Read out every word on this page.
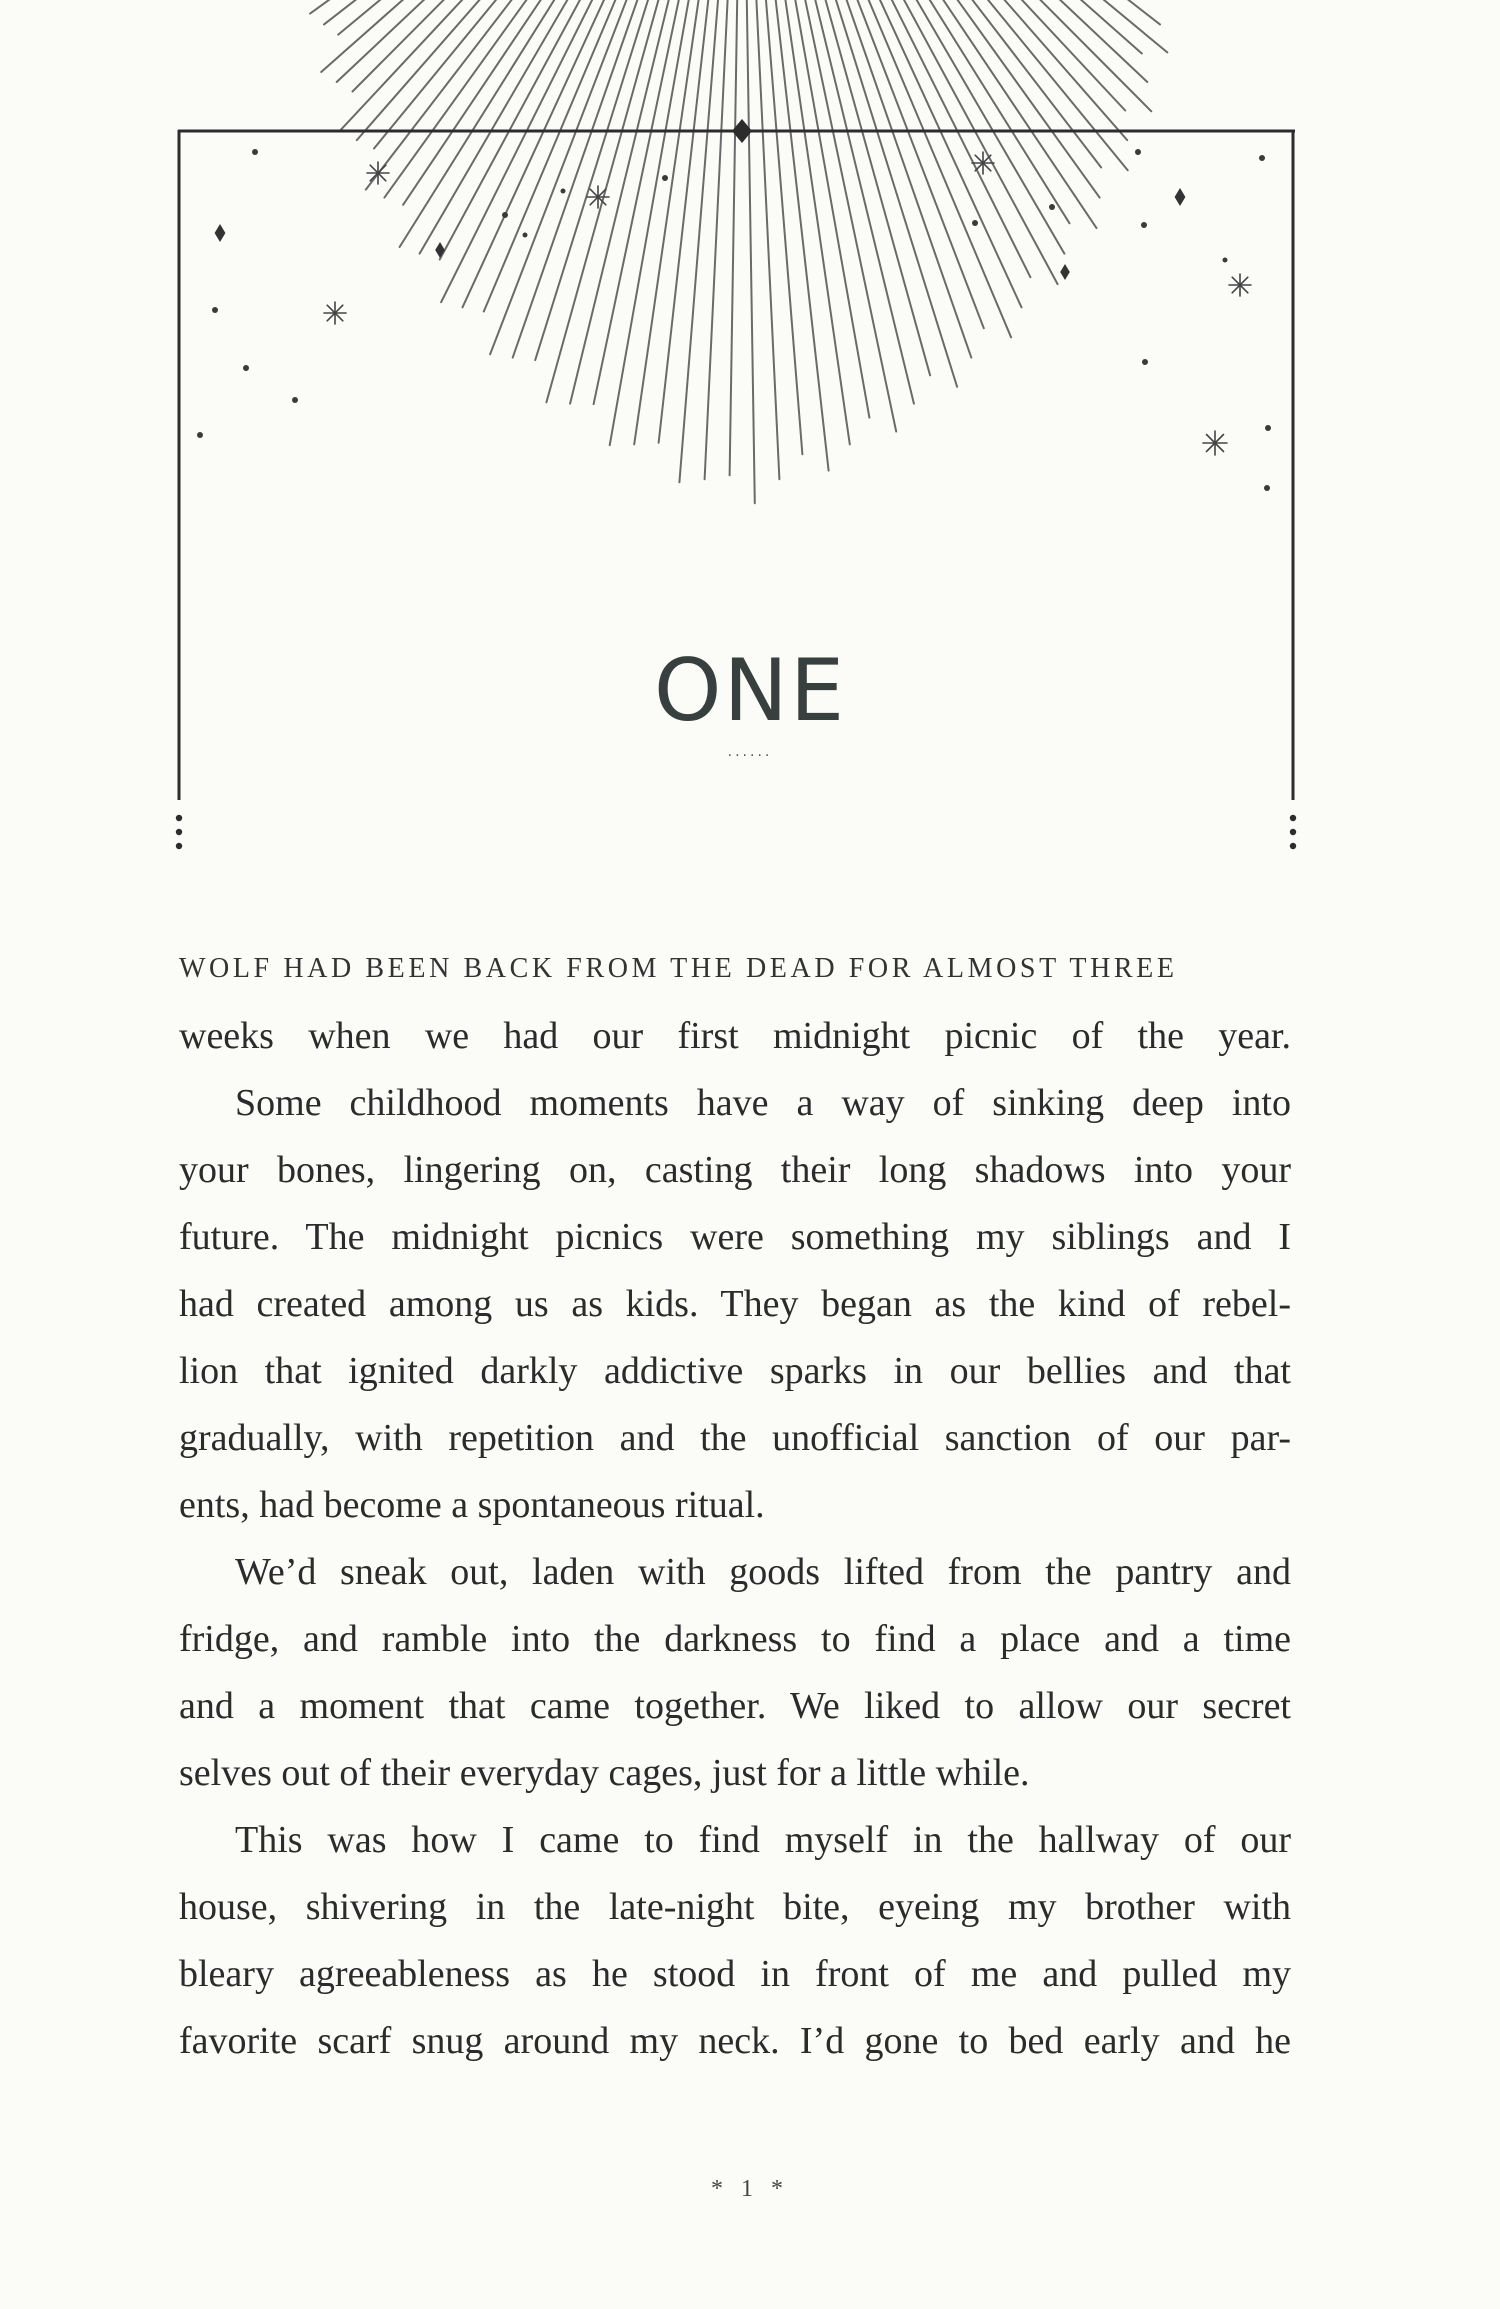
ONE
......
WOLF HAD BEEN BACK FROM THE DEAD FOR ALMOST THREE
weeks when we had our first midnight picnic of the year.
Some childhood moments have a way of sinking deep into
your bones, lingering on, casting their long shadows into your
future. The midnight picnics were something my siblings and I
had created among us as kids. They began as the kind of rebel-
lion that ignited darkly addictive sparks in our bellies and that
gradually, with repetition and the unofficial sanction of our par-
ents, had become a spontaneous ritual.
We’d sneak out, laden with goods lifted from the pantry and
fridge, and ramble into the darkness to find a place and a time
and a moment that came together. We liked to allow our secret
selves out of their everyday cages, just for a little while.
This was how I came to find myself in the hallway of our
house, shivering in the late-night bite, eyeing my brother with
bleary agreeableness as he stood in front of me and pulled my
favorite scarf snug around my neck. I’d gone to bed early and he
* 1 *
